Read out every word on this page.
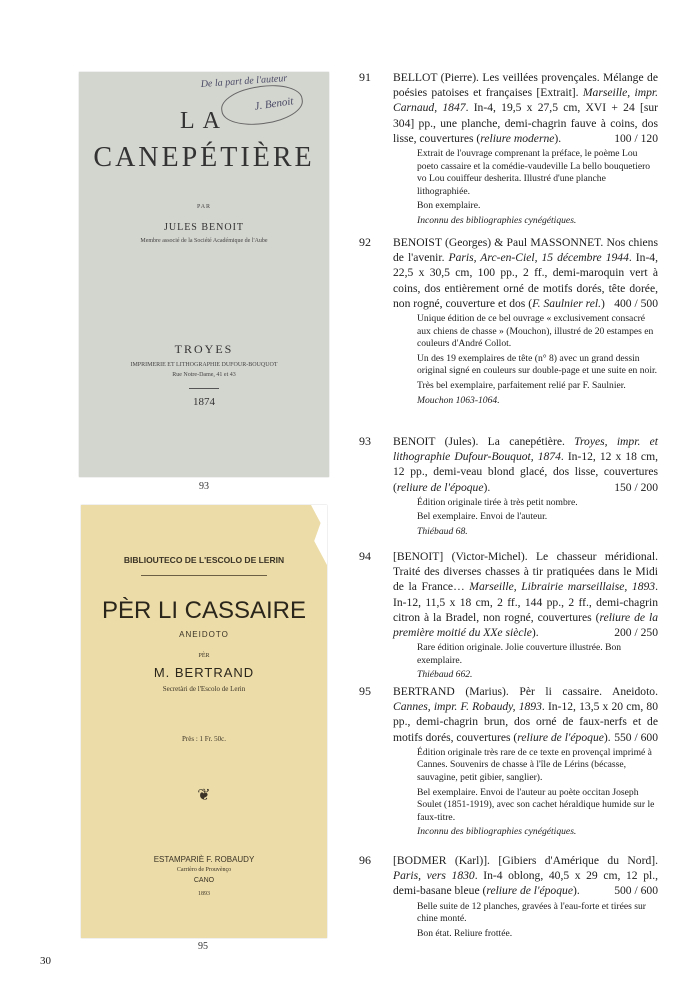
De la part de l'auteur
J. Benoit
LA
CANEPÉTIÈRE
PAR
JULES BENOIT
Membre associé de la Société Académique de l'Aube
TROYES
IMPRIMERIE ET LITHOGRAPHIE DUFOUR-BOUQUOT
Rue Notre-Dame, 41 et 43
1874
93
BIBLIOUTECO DE L'ESCOLO DE LERIN
PÈR LI CASSAIRE
ANEIDOTO
PÈR
M. BERTRAND
Secretàri de l'Escolo de Lerin
Près : 1 Fr. 50c.
❦
ESTAMPARIÈ F. ROBAUDY
Carrièro de Prouvènço
CANO
1893
95
91 BELLOT (Pierre). Les veillées provençales. Mélange de poésies patoises et françaises [Extrait]. Marseille, impr. Carnaud, 1847. In-4, 19,5 x 27,5 cm, XVI + 24 [sur 304] pp., une planche, demi-chagrin fauve à coins, dos lisse, couvertures (reliure moderne).	100 / 120

Extrait de l'ouvrage comprenant la préface, le poème Lou poeto cassaire et la comédie-vaudeville La bello bouquetiero vo Lou couiffeur desherita. Illustré d'une planche lithographiée.

Bon exemplaire.

Inconnu des bibliographies cynégétiques.

92 BENOIST (Georges) & Paul MASSONNET. Nos chiens de l'avenir. Paris, Arc-en-Ciel, 15 décembre 1944. In-4, 22,5 x 30,5 cm, 100 pp., 2 ff., demi-maroquin vert à coins, dos entièrement orné de motifs dorés, tête dorée, non rogné, couverture et dos (F. Saulnier rel.) 400 / 500

Unique édition de ce bel ouvrage « exclusivement consacré aux chiens de chasse » (Mouchon), illustré de 20 estampes en couleurs d'André Collot.

Un des 19 exemplaires de tête (n° 8) avec un grand dessin original signé en couleurs sur double-page et une suite en noir.

Très bel exemplaire, parfaitement relié par F. Saulnier.

Mouchon 1063-1064.

93 BENOIT (Jules). La canepétière. Troyes, impr. et lithographie Dufour-Bouquot, 1874. In-12, 12 x 18 cm, 12 pp., demi-veau blond glacé, dos lisse, couvertures (reliure de l'époque).	150 / 200

Édition originale tirée à très petit nombre.

Bel exemplaire. Envoi de l'auteur.

Thiébaud 68.

94 [BENOIT] (Victor-Michel). Le chasseur méridional. Traité des diverses chasses à tir pratiquées dans le Midi de la France… Marseille, Librairie marseillaise, 1893. In-12, 11,5 x 18 cm, 2 ff., 144 pp., 2 ff., demi-chagrin citron à la Bradel, non rogné, couvertures (reliure de la première moitié du XXe siècle).	200 / 250

Rare édition originale. Jolie couverture illustrée. Bon exemplaire.

Thiébaud 662.

95 BERTRAND (Marius). Pèr li cassaire. Aneidoto. Cannes, impr. F. Robaudy, 1893. In-12, 13,5 x 20 cm, 80 pp., demi-chagrin brun, dos orné de faux-nerfs et de motifs dorés, couvertures (reliure de l'époque). 550 / 600

Édition originale très rare de ce texte en provençal imprimé à Cannes. Souvenirs de chasse à l'île de Lérins (bécasse, sauvagine, petit gibier, sanglier).

Bel exemplaire. Envoi de l'auteur au poète occitan Joseph Soulet (1851-1919), avec son cachet héraldique humide sur le faux-titre.

Inconnu des bibliographies cynégétiques.

96 [BODMER (Karl)]. [Gibiers d'Amérique du Nord]. Paris, vers 1830. In-4 oblong, 40,5 x 29 cm, 12 pl., demi-basane bleue (reliure de l'époque).	500 / 600

Belle suite de 12 planches, gravées à l'eau-forte et tirées sur chine monté.

Bon état. Reliure frottée.

30
